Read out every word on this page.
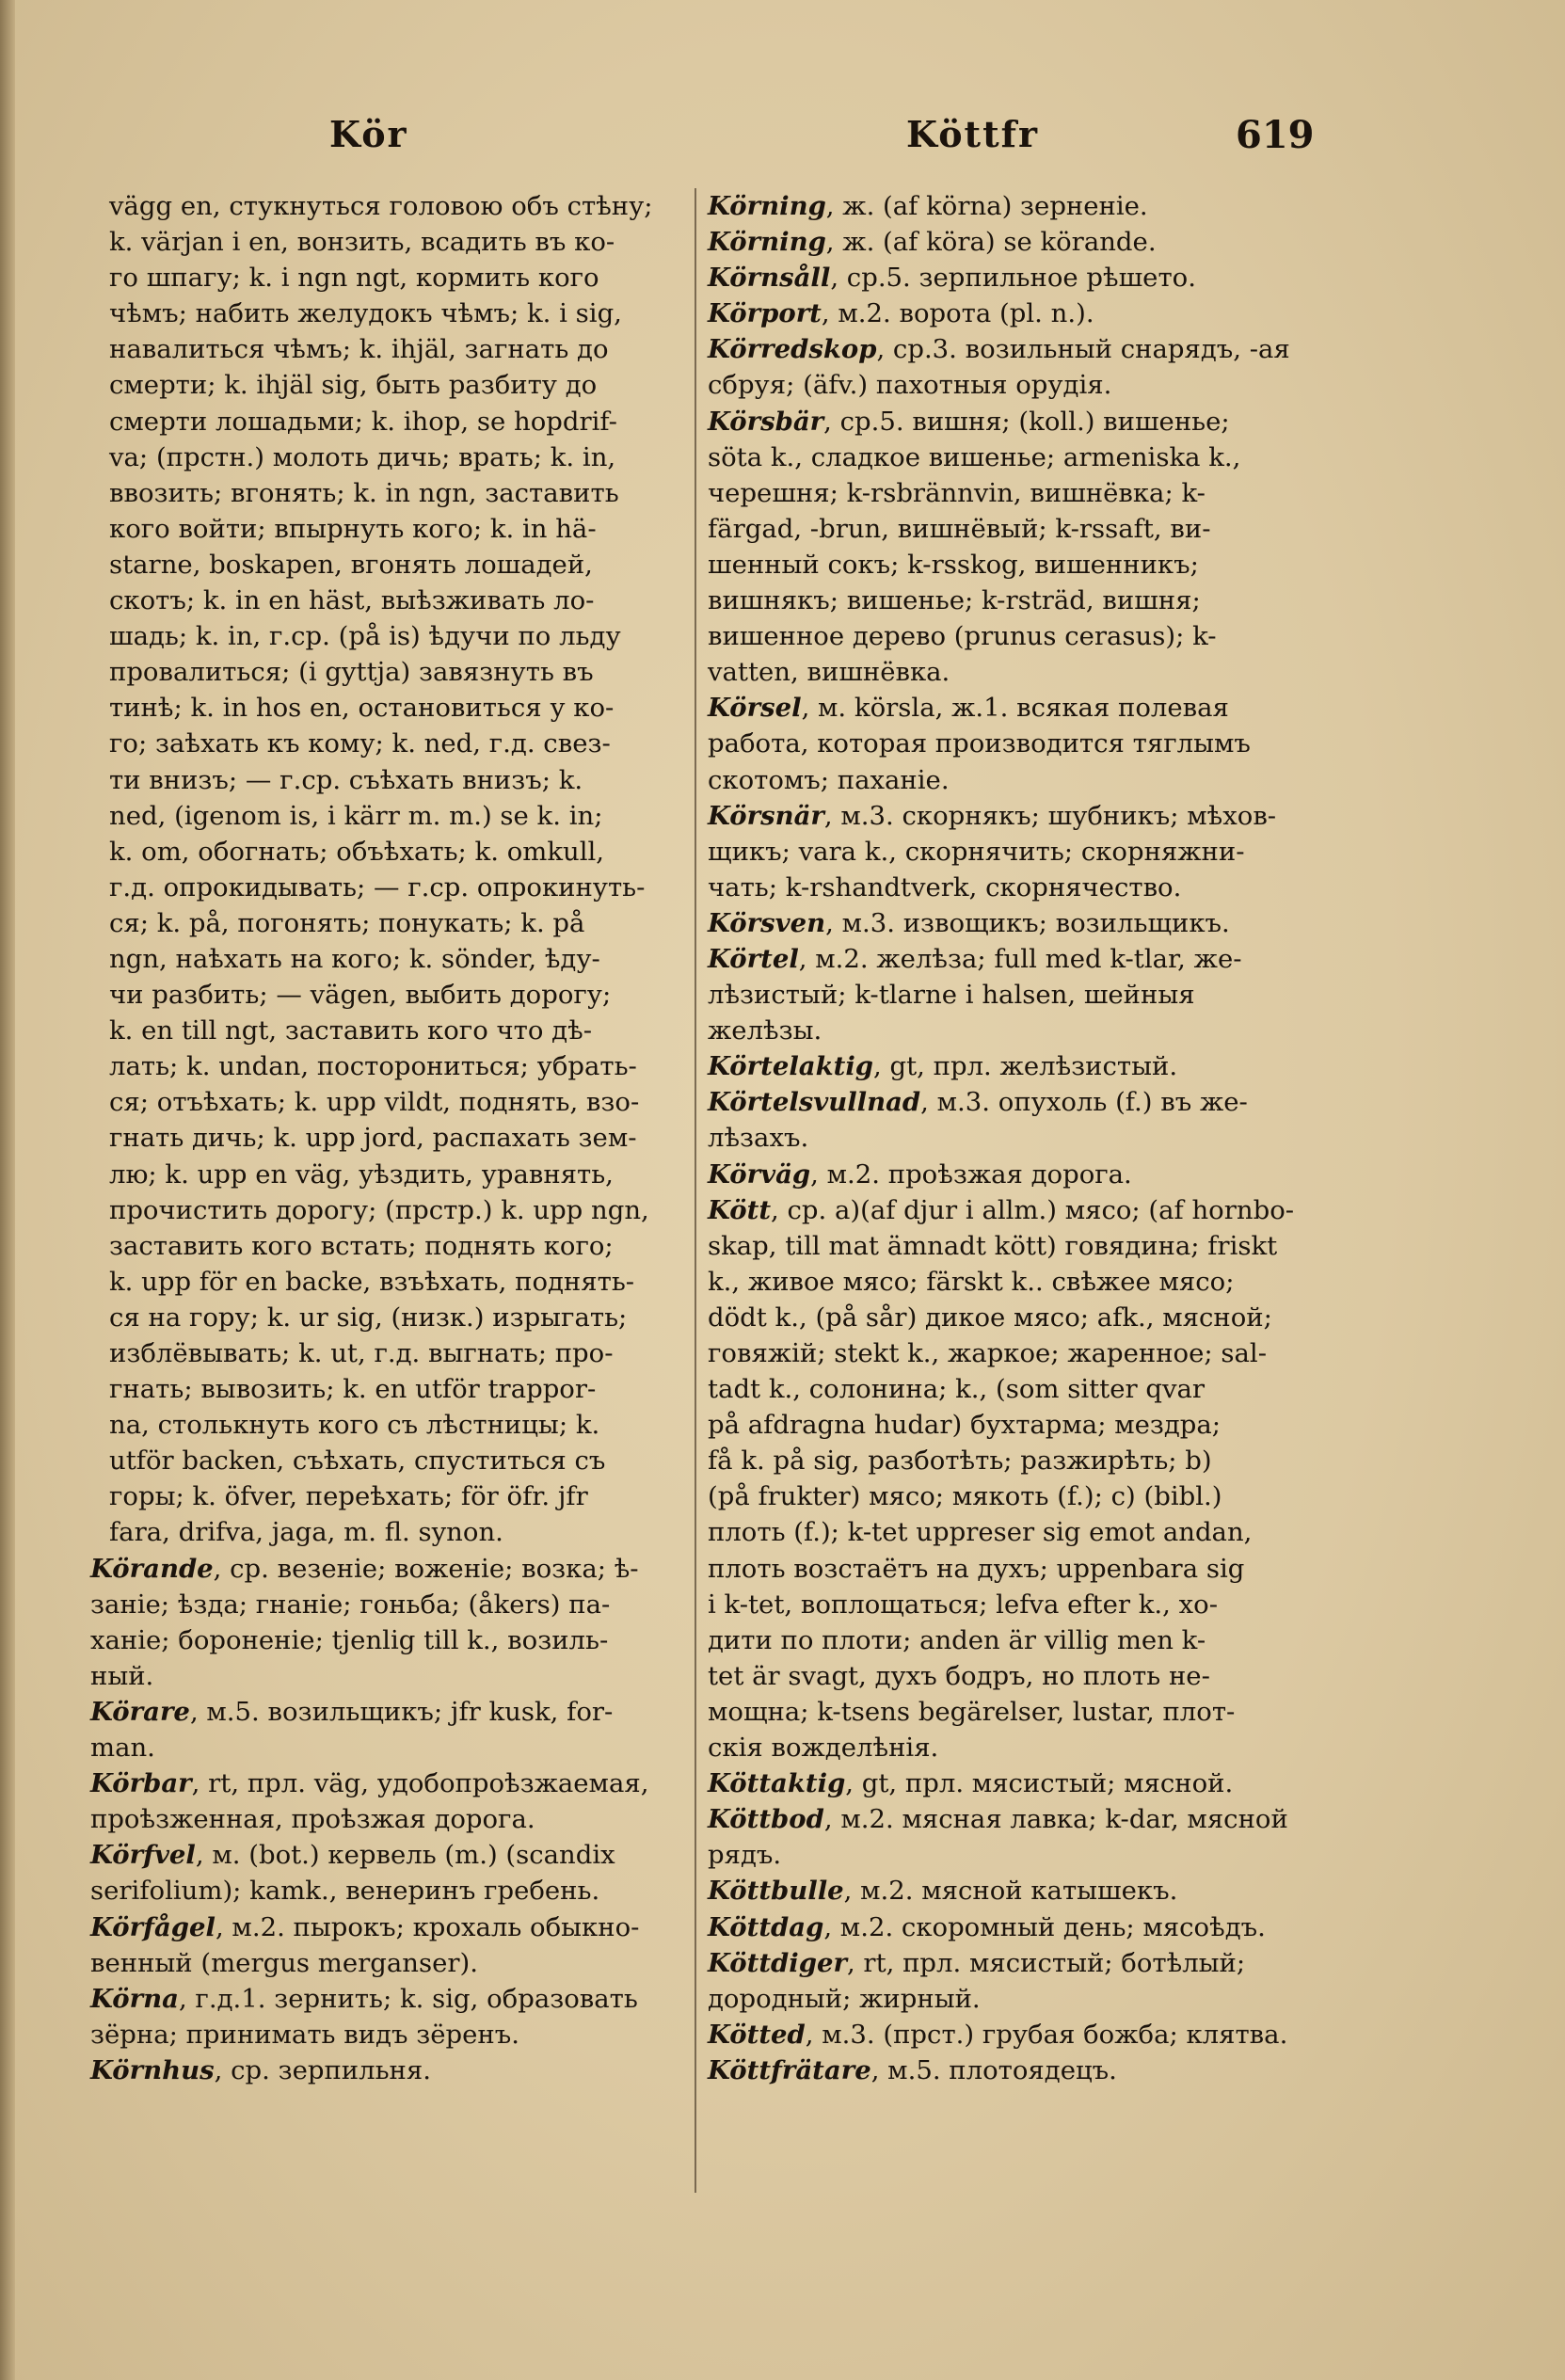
Kör	Köttfr	619
vägg en, стукнуться головою объ стѣну;
k. värjan i en, вонзить, всадить въ ко-
го шпагу; k. i ngn ngt, кормить кого
чѣмъ; набить желудокъ чѣмъ; k. i sig,
навалиться чѣмъ; k. ihjäl, загнать до
смерти; k. ihjäl sig, быть разбиту до
смерти лошадьми; k. ihop, se hopdrif-
va; (прстн.) молоть дичь; врать; k. in,
ввозить; вгонять; k. in ngn, заставить
кого войти; впырнуть кого; k. in hä-
starne, boskapen, вгонять лошадей,
скотъ; k. in en häst, выѣзживать ло-
шадь; k. in, г.ср. (på is) ѣдучи по льду
провалиться; (i gyttja) завязнуть въ
тинѣ; k. in hos en, остановиться у ко-
го; заѣхать къ кому; k. ned, г.д. свез-
ти внизъ; — г.ср. съѣхать внизъ; k.
ned, (igenom is, i kärr m. m.) se k. in;
k. om, обогнать; объѣхать; k. omkull,
г.д. опрокидывать; — г.ср. опрокинуть-
ся; k. på, погонять; понукать; k. på
ngn, наѣхать на кого; k. sönder, ѣду-
чи разбить; — vägen, выбить дорогу;
k. en till ngt, заставить кого что дѣ-
лать; k. undan, посторониться; убрать-
ся; отъѣхать; k. upp vildt, поднять, взо-
гнать дичь; k. upp jord, распахать зем-
лю; k. upp en väg, уѣздить, уравнять,
прочистить дорогу; (прстр.) k. upp ngn,
заставить кого встать; поднять кого;
k. upp för en backe, взъѣхать, поднять-
ся на гору; k. ur sig, (низк.) изрыгать;
изблёвывать; k. ut, г.д. выгнать; про-
гнать; вывозить; k. en utför trappor-
na, столькнуть кого съ лѣстницы; k.
utför backen, съѣхать, спуститься съ
горы; k. öfver, переѣхать; för öfr. jfr
fara, drifva, jaga, m. fl. synon.
Körande, ср. везеніе; воженіе; возка; ѣ-
заніе; ѣзда; гнаніе; гоньба; (åkers) па-
ханіе; бороненіе; tjenlig till k., возиль-
ный.
Körare, м.5. возильщикъ; jfr kusk, for-
man.
Körbar, rt, прл. väg, удобопроѣзжаемая,
проѣзженная, проѣзжая дорога.
Körfvel, м. (bot.) кервель (m.) (scandix
serifolium); kamk., венеринъ гребень.
Körfågel, м.2. пырокъ; крохаль обыкно-
венный (mergus merganser).
Körna, г.д.1. зернить; k. sig, образовать
зёрна; принимать видъ зёренъ.
Körnhus, ср. зерпильня.
Körning, ж. (af körna) зерненіе.
Körning, ж. (af köra) se körande.
Körnsåll, ср.5. зерпильное рѣшето.
Körport, м.2. ворота (pl. n.).
Körredskop, ср.3. возильный снарядъ, -ая
сбруя; (äfv.) пахотныя орудія.
Körsbär, ср.5. вишня; (koll.) вишенье;
söta k., сладкое вишенье; armeniska k.,
черешня; k-rsbrännvin, вишнёвка; k-
färgad, -brun, вишнёвый; k-rssaft, ви-
шенный сокъ; k-rsskog, вишенникъ;
вишнякъ; вишенье; k-rsträd, вишня;
вишенное дерево (prunus cerasus); k-
vatten, вишнёвка.
Körsel, м. körsla, ж.1. всякая полевая
работа, которая производится тяглымъ
скотомъ; паханіе.
Körsnär, м.3. скорнякъ; шубникъ; мѣхов-
щикъ; vara k., скорнячить; скорняжни-
чать; k-rshandtverk, скорнячество.
Körsven, м.3. извощикъ; возильщикъ.
Körtel, м.2. желѣза; full med k-tlar, же-
лѣзистый; k-tlarne i halsen, шейныя
желѣзы.
Körtelaktig, gt, прл. желѣзистый.
Körtelsvullnad, м.3. опухоль (f.) въ же-
лѣзахъ.
Körväg, м.2. проѣзжая дорога.
Kött, ср. a)(af djur i allm.) мясо; (af hornbo-
skap, till mat ämnadt kött) говядина; friskt
k., живое мясо; färskt k.. свѣжее мясо;
dödt k., (på sår) дикое мясо; afk., мясной;
говяжій; stekt k., жаркое; жаренное; sal-
tadt k., солонина; k., (som sitter qvar
på afdragna hudar) бухтарма; мездра;
få k. på sig, разботѣть; разжирѣть; b)
(på frukter) мясо; мякоть (f.); c) (bibl.)
плоть (f.); k-tet uppreser sig emot andan,
плоть возстаётъ на духъ; uppenbara sig
i k-tet, воплощаться; lefva efter k., хо-
дити по плоти; anden är villig men k-
tet är svagt, духъ бодръ, но плоть не-
мощна; k-tsens begärelser, lustar, плот-
скія вожделѣнія.
Köttaktig, gt, прл. мясистый; мясной.
Köttbod, м.2. мясная лавка; k-dar, мясной
рядъ.
Köttbulle, м.2. мясной катышекъ.
Köttdag, м.2. скоромный день; мясоѣдъ.
Köttdiger, rt, прл. мясистый; ботѣлый;
дородный; жирный.
Kötted, м.3. (прст.) грубая божба; клятва.
Köttfrätare, м.5. плотоядецъ.
